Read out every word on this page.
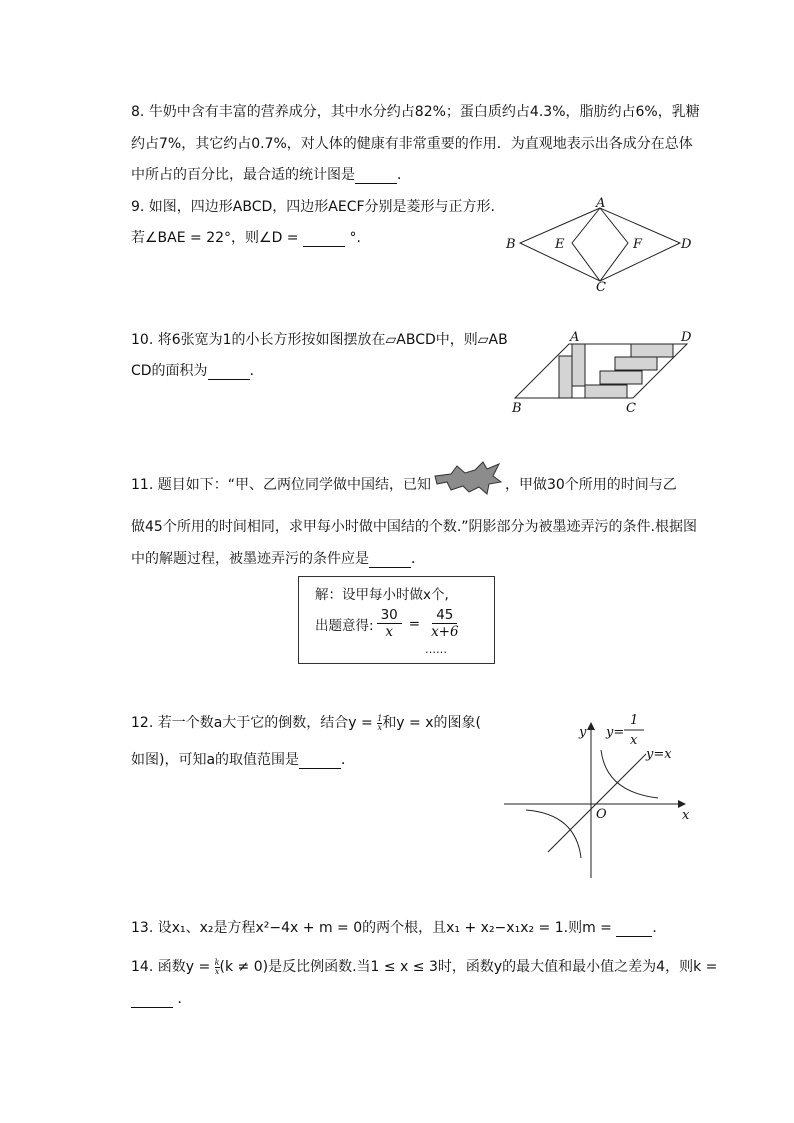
8. 牛奶中含有丰富的营养成分，其中水分约占82%；蛋白质约占4.3%，脂肪约占6%，乳糖
约占7%，其它约占0.7%，对人体的健康有非常重要的作用．为直观地表示出各成分在总体
中所占的百分比，最合适的统计图是	．
9. 如图，四边形ABCD，四边形AECF分别是菱形与正方形.
若∠BAE = 22°，则∠D =	°.
A
B	E	F	D
C
10. 将6张宽为1的小长方形按如图摆放在▱ABCD中，则▱AB
CD的面积为	．
A	D
B	C
11. 题目如下：“甲、乙两位同学做中国结，已知	，甲做30个所用的时间与乙
做45个所用的时间相同，求甲每小时做中国结的个数.”阴影部分为被墨迹弄污的条件.根据图
中的解题过程，被墨迹弄污的条件应是	．
解：设甲每小时做x个,
出题意得: $\frac{30}{x} = \frac{45}{x+6}$
……
12. 若一个数a大于它的倒数，结合$y = \frac{1}{x}$ 和y = x的图象(
如图)，可知a的取值范围是	．
y
x
O
y=
1
x
y=x
13. 设x₁、x₂是方程x²−4x + m = 0的两个根，且x₁ + x₂−x₁x₂ = 1.则m =	．
14. 函数$y = \frac{k}{x} (k \ne 0)$是反比例函数.当1 ≤ x ≤ 3时，函数y的最大值和最小值之差为4，则k =
．
